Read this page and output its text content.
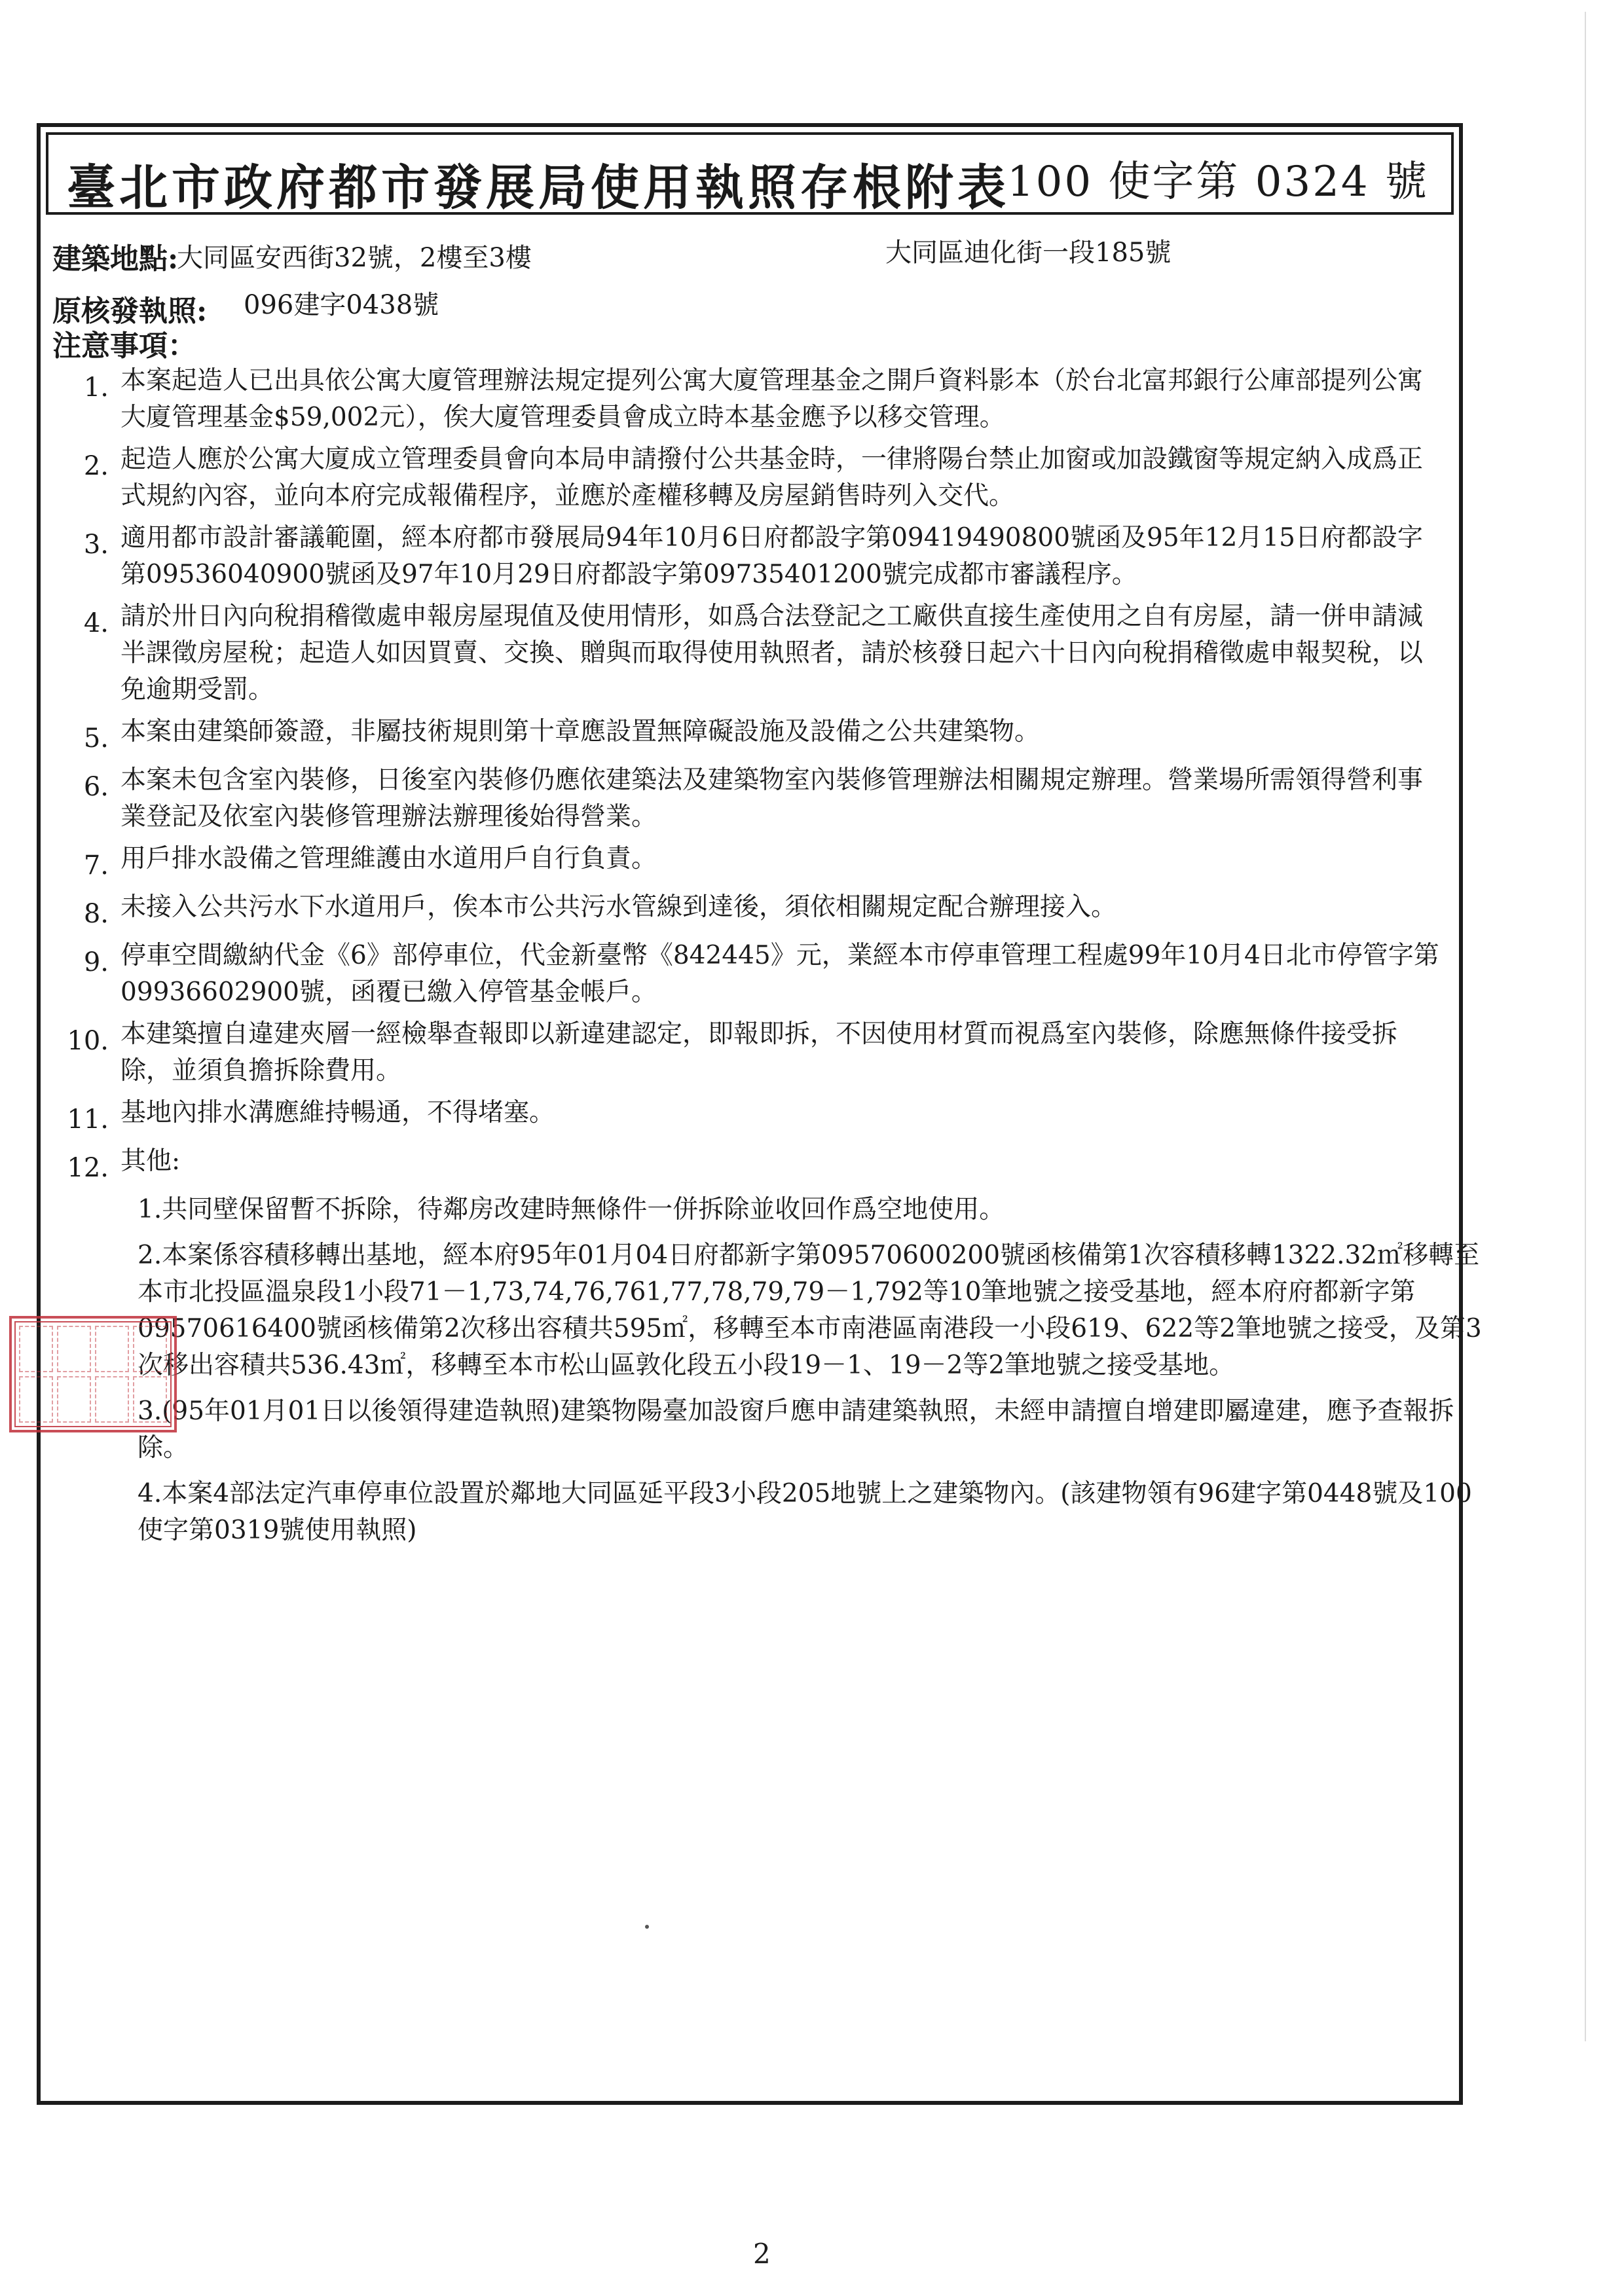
臺北市政府都市發展局使用執照存根附表
100 使字第 0324 號
建築地點:
大同區安西街32號，2樓至3樓	大同區迪化街一段185號
原核發執照: 096建字0438號
注意事項：
1. 本案起造人已出具依公寓大廈管理辦法規定提列公寓大廈管理基金之開戶資料影本（於台北富邦銀行公庫部提列公寓大廈管理基金$59,002元），俟大廈管理委員會成立時本基金應予以移交管理。
2. 起造人應於公寓大廈成立管理委員會向本局申請撥付公共基金時，一律將陽台禁止加窗或加設鐵窗等規定納入成爲正式規約內容，並向本府完成報備程序，並應於產權移轉及房屋銷售時列入交代。
3. 適用都市設計審議範圍，經本府都市發展局94年10月6日府都設字第09419490800號函及95年12月15日府都設字第09536040900號函及97年10月29日府都設字第09735401200號完成都市審議程序。
4. 請於卅日內向稅捐稽徵處申報房屋現值及使用情形，如爲合法登記之工廠供直接生產使用之自有房屋，請一併申請減半課徵房屋稅；起造人如因買賣、交換、贈與而取得使用執照者，請於核發日起六十日內向稅捐稽徵處申報契稅，以免逾期受罰。
5. 本案由建築師簽證，非屬技術規則第十章應設置無障礙設施及設備之公共建築物。
6. 本案未包含室內裝修，日後室內裝修仍應依建築法及建築物室內裝修管理辦法相關規定辦理。營業場所需領得營利事業登記及依室內裝修管理辦法辦理後始得營業。
7. 用戶排水設備之管理維護由水道用戶自行負責。
8. 未接入公共污水下水道用戶，俟本市公共污水管線到達後，須依相關規定配合辦理接入。
9. 停車空間繳納代金《6》部停車位，代金新臺幣《842445》元，業經本市停車管理工程處99年10月4日北市停管字第09936602900號，函覆已繳入停管基金帳戶。
10. 本建築擅自違建夾層一經檢舉查報即以新違建認定，即報即拆，不因使用材質而視爲室內裝修，除應無條件接受拆除，並須負擔拆除費用。
11. 基地內排水溝應維持暢通，不得堵塞。
12. 其他:
1.共同壁保留暫不拆除，待鄰房改建時無條件一併拆除並收回作爲空地使用。
2.本案係容積移轉出基地，經本府95年01月04日府都新字第09570600200號函核備第1次容積移轉1322.32㎡移轉至本市北投區溫泉段1小段71－1,73,74,76,761,77,78,79,79－1,792等10筆地號之接受基地，經本府府都新字第09570616400號函核備第2次移出容積共595㎡，移轉至本市南港區南港段一小段619、622等2筆地號之接受，及第3次移出容積共536.43㎡，移轉至本市松山區敦化段五小段19－1、19－2等2筆地號之接受基地。
3.(95年01月01日以後領得建造執照)建築物陽臺加設窗戶應申請建築執照，未經申請擅自增建即屬違建，應予查報拆除。
4.本案4部法定汽車停車位設置於鄰地大同區延平段3小段205地號上之建築物內。(該建物領有96建字第0448號及100使字第0319號使用執照)
2
